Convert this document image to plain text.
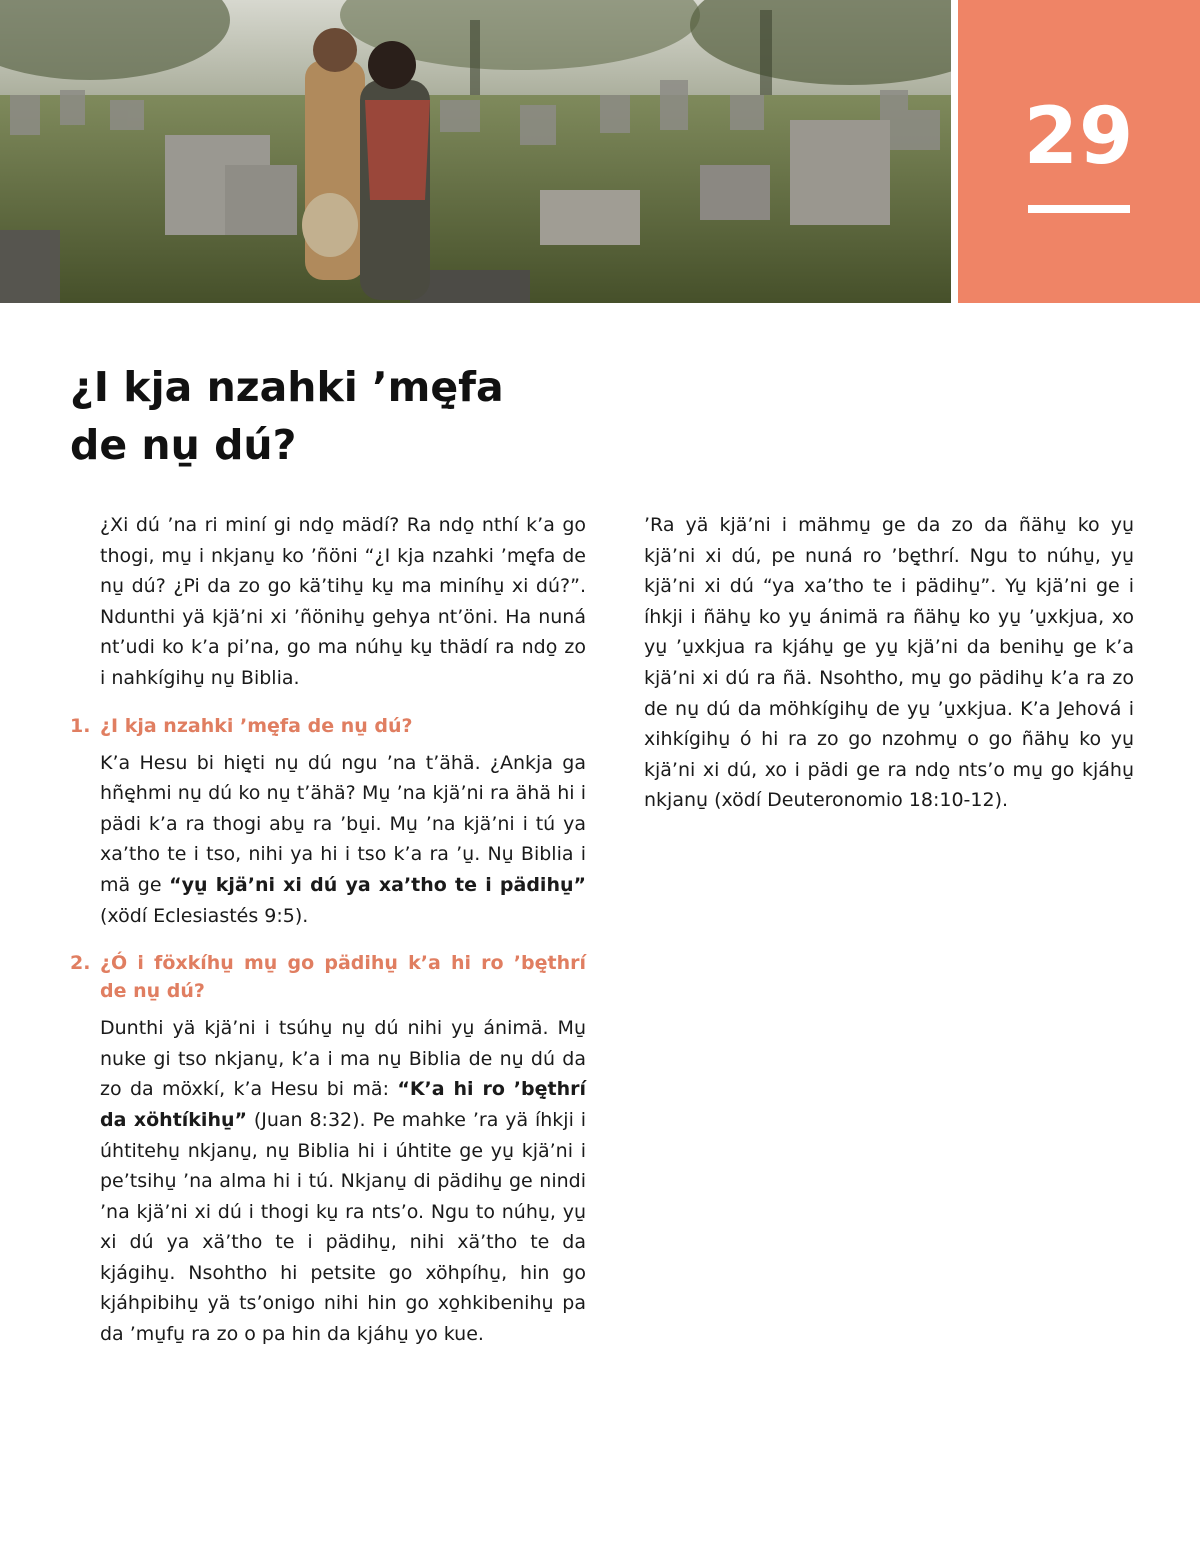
29
¿I kja nzahki ’mę̱fa
de nu̱ dú?

¿Xi dú ’na ri miní gi ndo̱ mädí? Ra ndo̱ nthí k’a go thogi, mu̱ i nkjanu̱ ko ’ñöni “¿I kja nzahki ’mę̱fa de nu̱ dú? ¿Pi da zo go kä’tihu̱ ku̱ ma miníhu̱ xi dú?”. Ndunthi yä kjä’ni xi ’ñönihu̱ gehya nt’öni. Ha nuná nt’udi ko k’a pi’na, go ma núhu̱ ku̱ thädí ra ndo̱ zo i nahkígihu̱ nu̱ Biblia.

1. ¿I kja nzahki ’mę̱fa de nu̱ dú?

K’a Hesu bi hię̱ti nu̱ dú ngu ’na t’ähä. ¿Ankja ga hñę̱hmi nu̱ dú ko nu̱ t’ähä? Mu̱ ’na kjä’ni ra ähä hi i pädi k’a ra thogi abu̱ ra ’bu̱i. Mu̱ ’na kjä’ni i tú ya xa’tho te i tso, nihi ya hi i tso k’a ra ’u̱. Nu̱ Biblia i mä ge “yu̱ kjä’ni xi dú ya xa’tho te i pädihu̱” (xödí Eclesiastés 9:5).

2. ¿Ó i föxkíhu̱ mu̱ go pädihu̱ k’a hi ro ’bę̱thrí de nu̱ dú?

Dunthi yä kjä’ni i tsúhu̱ nu̱ dú nihi yu̱ ánimä. Mu̱ nuke gi tso nkjanu̱, k’a i ma nu̱ Biblia de nu̱ dú da zo da möxkí, k’a Hesu bi mä: “K’a hi ro ’bę̱thrí da xöhtíkihu̱” (Juan 8:32). Pe mahke ’ra yä íhkji i úhtitehu̱ nkjanu̱, nu̱ Biblia hi i úhtite ge yu̱ kjä’ni i pe’tsihu̱ ’na alma hi i tú. Nkjanu̱ di pädihu̱ ge nindi ’na kjä’ni xi dú i thogi ku̱ ra nts’o. Ngu to núhu̱, yu̱ xi dú ya xä’tho te i pädihu̱, nihi xä’tho te da kjágihu̱. Nsohtho hi petsite go xöhpíhu̱, hin go kjáhpibihu̱ yä ts’onigo nihi hin go xo̱hkibenihu̱ pa da ’mu̱fu̱ ra zo o pa hin da kjáhu̱ yo kue.

’Ra yä kjä’ni i mähmu̱ ge da zo da ñähu̱ ko yu̱ kjä’ni xi dú, pe nuná ro ’bę̱thrí. Ngu to núhu̱, yu̱ kjä’ni xi dú “ya xa’tho te i pädihu̱”. Yu̱ kjä’ni ge i íhkji i ñähu̱ ko yu̱ ánimä ra ñähu̱ ko yu̱ ’u̱xkjua, xo yu̱ ’u̱xkjua ra kjáhu̱ ge yu̱ kjä’ni da benihu̱ ge k’a kjä’ni xi dú ra ñä. Nsohtho, mu̱ go pädihu̱ k’a ra zo de nu̱ dú da möhkígihu̱ de yu̱ ’u̱xkjua. K’a Jehová i xihkígihu̱ ó hi ra zo go nzohmu̱ o go ñähu̱ ko yu̱ kjä’ni xi dú, xo i pädi ge ra ndo̱ nts’o mu̱ go kjáhu̱ nkjanu̱ (xödí Deuteronomio 18:10-12).
